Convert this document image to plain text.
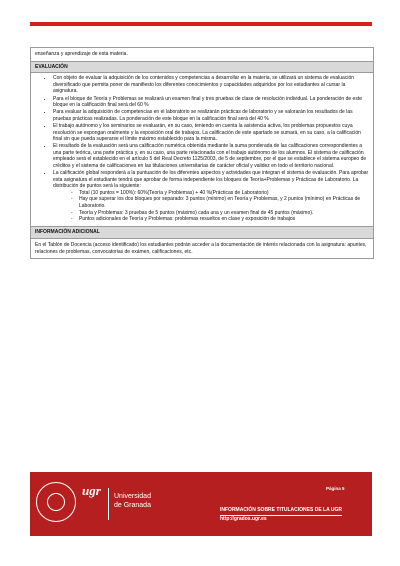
enseñanza y aprendizaje de esta materia.
EVALUACIÓN
• Con objeto de evaluar la adquisición de los contenidos y competencias a desarrollar en la materia, se utilizará un sistema de evaluación diversificado que permita poner de manifiesto los diferentes conocimientos y capacidades adquiridos por los estudiantes al cursar la asignatura.
• Para el bloque de Teoría y Problemas se realizará un examen final y tres pruebas de clase de resolución individual. La ponderación de este bloque en la calificación final será del 60 %
• Para evaluar la adquisición de competencias en el laboratorio se realizarán prácticas de laboratorio y se valorarán los resultados de las pruebas prácticas realizadas. La ponderación de este bloque en la calificación final será del 40 %
• El trabajo autónomo y los seminarios se evaluarán, en su caso, teniendo en cuenta la asistencia activa, los problemas propuestos cuya resolución se expongan oralmente y la exposición oral de trabajos. La calificación de este apartado se sumará, en su caso, a la calificación final sin que pueda superarse el límite máximo establecido para la misma.
• El resultado de la evaluación será una calificación numérica obtenida mediante la suma ponderada de las calificaciones correspondientes a una parte teórica, una parte práctica y, en su caso, una parte relacionada con el trabajo autónomo de los alumnos. El sistema de calificación empleado será el establecido en el artículo 5 del Real Decreto 1125/2003, de 5 de septiembre, por el que se establece el sistema europeo de créditos y el sistema de calificaciones en las titulaciones universitarias de carácter oficial y validez en todo el territorio nacional.
• La calificación global responderá a la puntuación de los diferentes aspectos y actividades que integran el sistema de evaluación. Para aprobar esta asignatura el estudiante tendrá que aprobar de forma independiente los bloques de Teoría+Problemas y Prácticas de Laboratorio. La distribución de puntos será la siguiente:
- Total (10 puntos = 100%): 60%(Teoría y Problemas) + 40 %(Prácticas de Laboratorio)
- Hay que superar los dos bloques por separado: 3 puntos (mínimo) en Teoría y Problemas, y 2 puntos (mínimo) en Prácticas de Laboratorio.
- Teoría y Problemas: 3 pruebas de 5 puntos (máximo) cada una y un examen final de 45 puntos (máximo).
- Puntos adicionales de Teoría y Problemas: problemas resueltos en clase y exposición de trabajos
INFORMACIÓN ADICIONAL
En el Tablón de Docencia (acceso identificado) los estudiantes podrán acceder a la documentación de interés relacionada con la asignatura: apuntes, relaciones de problemas, convocatorias de exámen, calificaciones, etc.
ugr Universidad
de Granada
Página 5
INFORMACIÓN SOBRE TITULACIONES DE LA UGR
http://grados.ugr.es
